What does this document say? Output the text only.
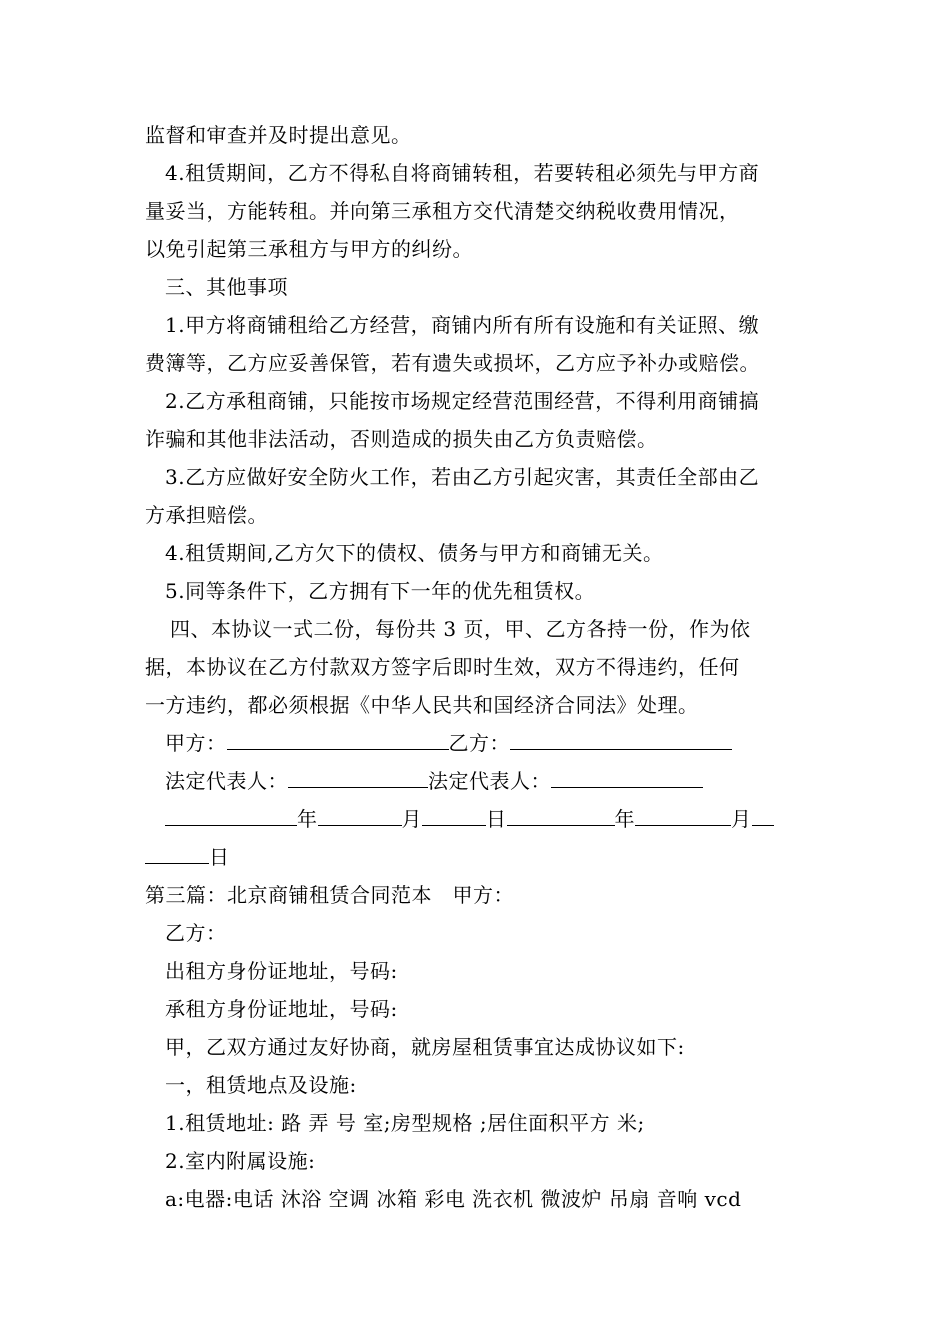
监督和审查并及时提出意见。
4.租赁期间，乙方不得私自将商铺转租，若要转租必须先与甲方商
量妥当，方能转租。并向第三承租方交代清楚交纳税收费用情况，
以免引起第三承租方与甲方的纠纷。
三、其他事项
1.甲方将商铺租给乙方经营，商铺内所有所有设施和有关证照、缴
费簿等，乙方应妥善保管，若有遗失或损坏，乙方应予补办或赔偿。
2.乙方承租商铺，只能按市场规定经营范围经营，不得利用商铺搞
诈骗和其他非法活动，否则造成的损失由乙方负责赔偿。
3.乙方应做好安全防火工作，若由乙方引起灾害，其责任全部由乙
方承担赔偿。
4.租赁期间,乙方欠下的债权、债务与甲方和商铺无关。
5.同等条件下，乙方拥有下一年的优先租赁权。
四、本协议一式二份，每份共 3 页，甲、乙方各持一份，作为依
据，本协议在乙方付款双方签字后即时生效，双方不得违约，任何
一方违约，都必须根据《中华人民共和国经济合同法》处理。
甲方：	乙方：
法定代表人：	法定代表人：
年	月	日	年	月
日
第三篇：北京商铺租赁合同范本　甲方：
乙方：
出租方身份证地址，号码:
承租方身份证地址，号码:
甲，乙双方通过友好协商，就房屋租赁事宜达成协议如下:
一，租赁地点及设施:
1.租赁地址: 路 弄 号 室;房型规格 ;居住面积平方 米;
2.室内附属设施:
a:电器:电话 沐浴 空调 冰箱 彩电 洗衣机 微波炉 吊扇 音响 vcd
